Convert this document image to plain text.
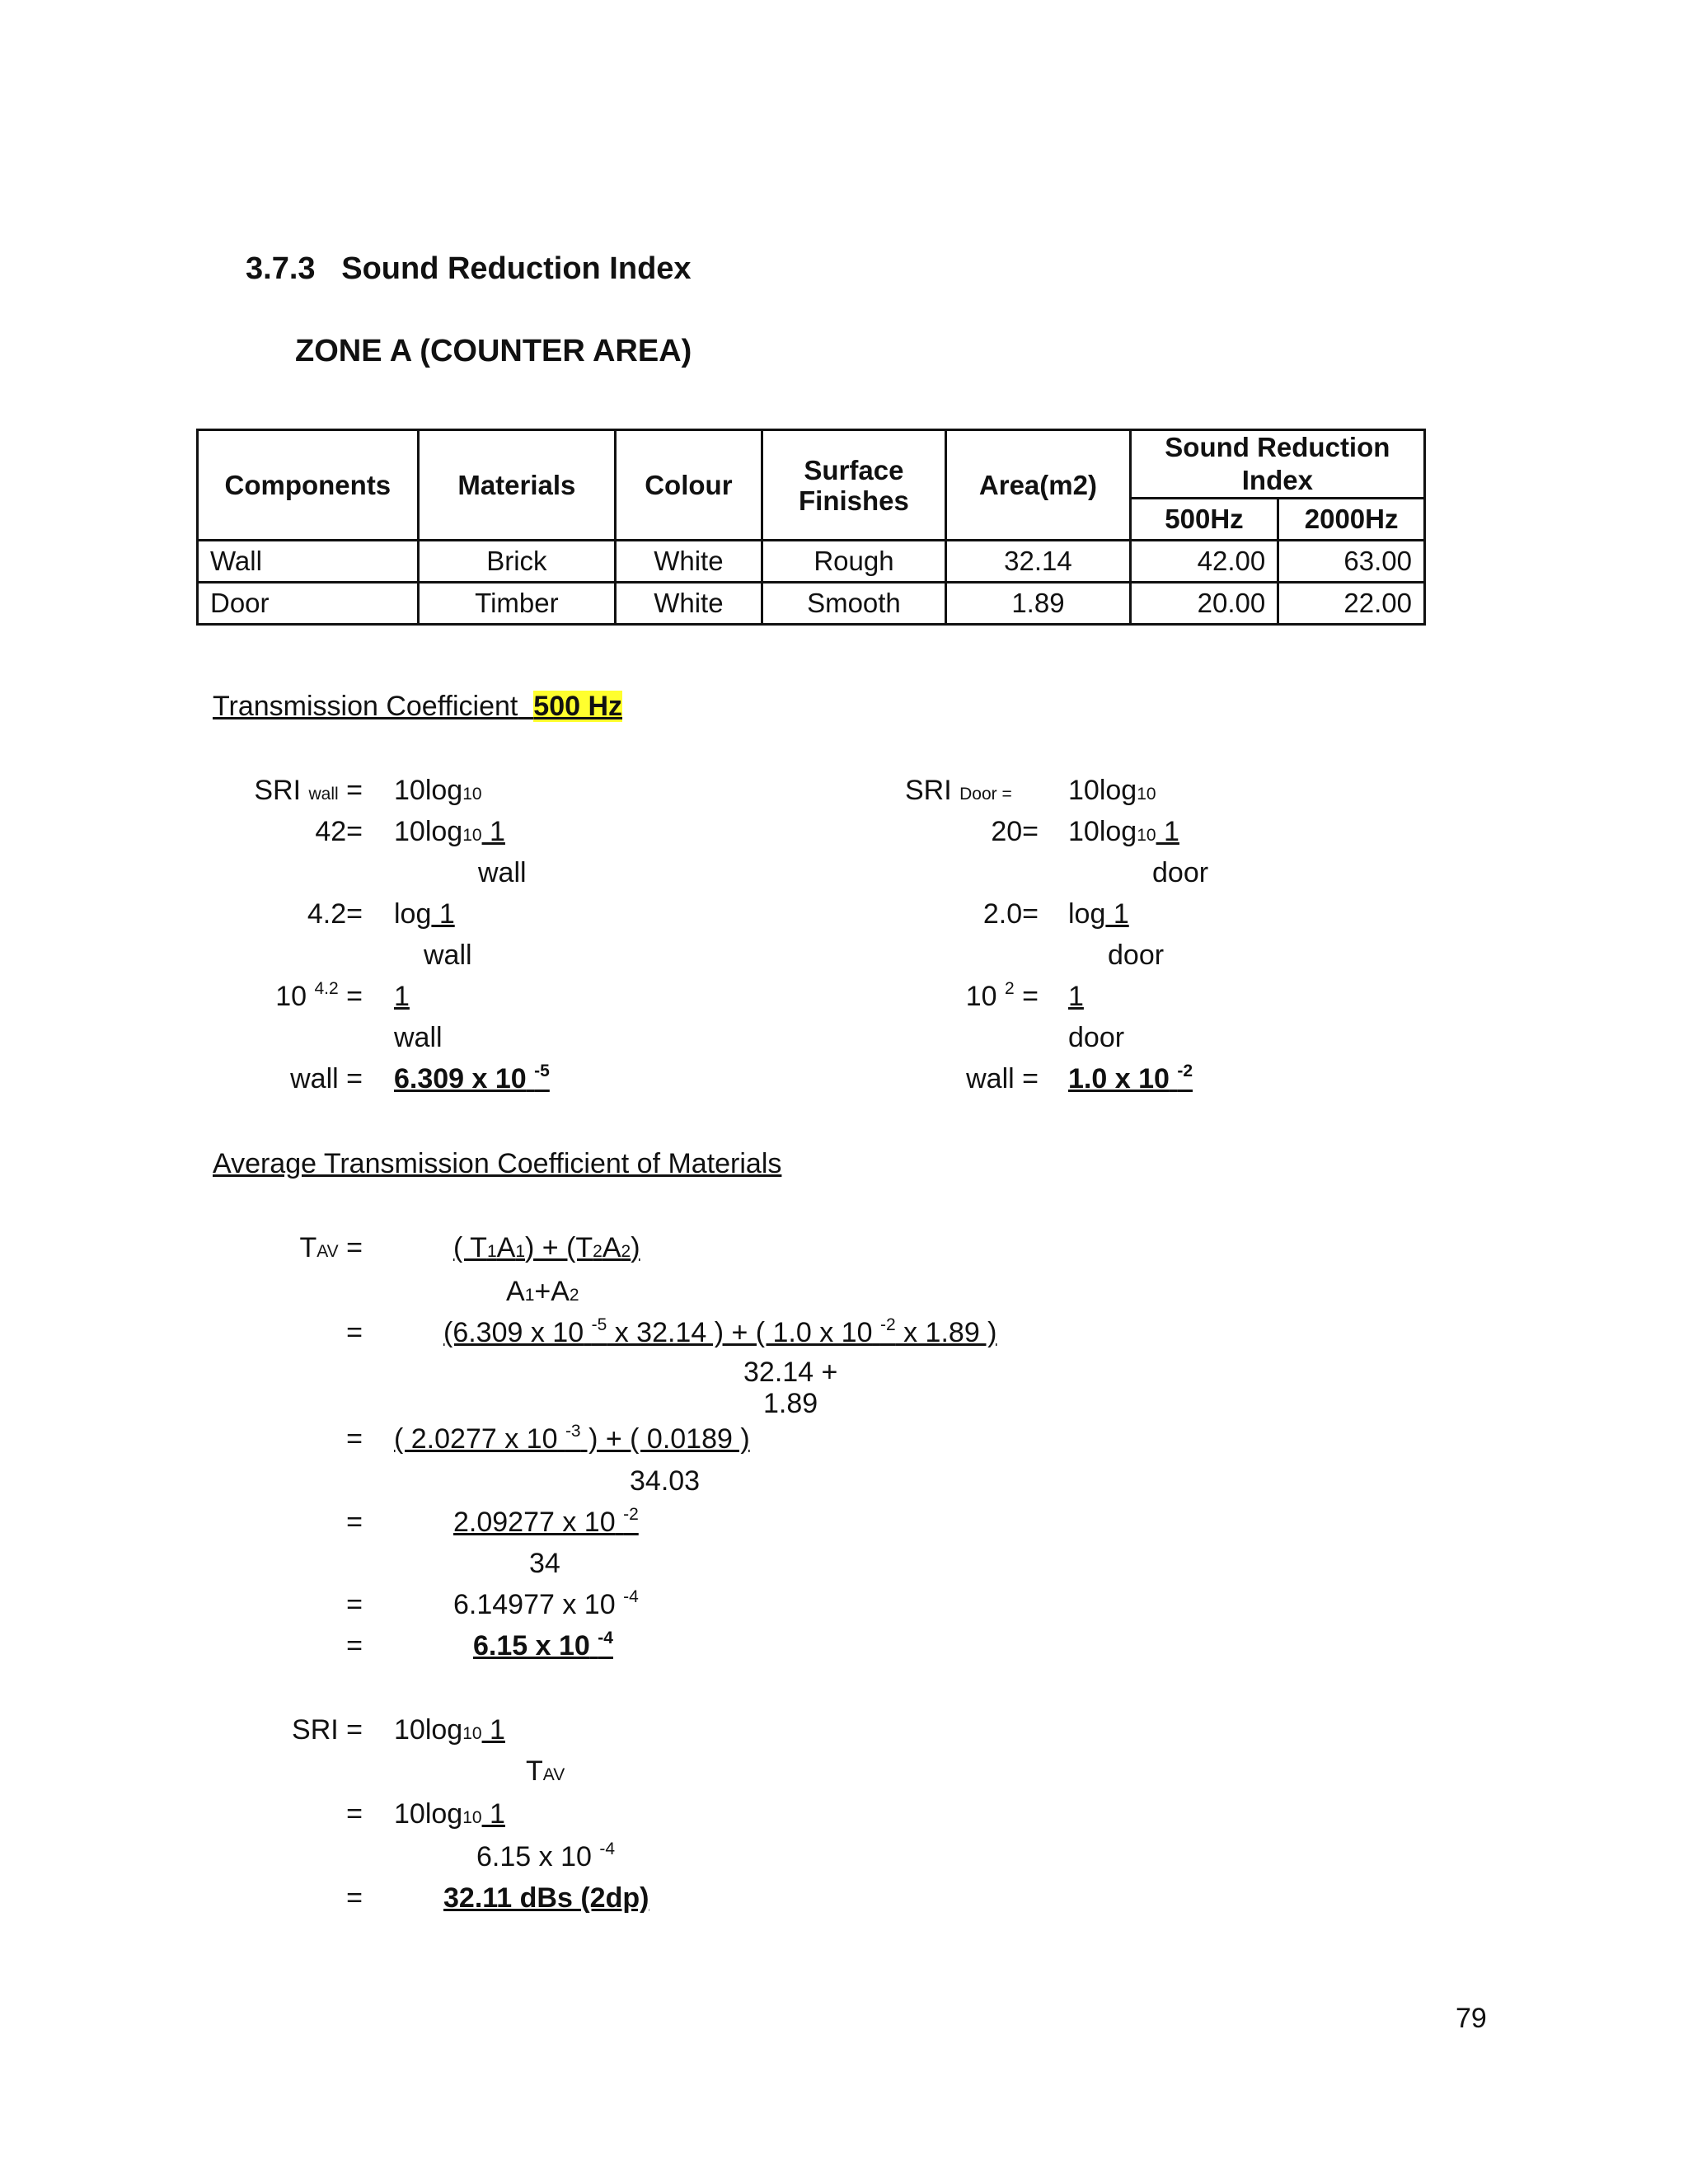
3.7.3 Sound Reduction Index
ZONE A (COUNTER AREA)
Components	Materials	Colour	Surface Finishes	Area(m2)	Sound Reduction Index	
					500Hz	2000Hz
Wall	Brick	White	Rough	32.14	42.00	63.00
Door	Timber	White	Smooth	1.89	20.00	22.00
Transmission Coefficient 500 Hz
SRI wall = 10log10
42= 10log10 1
wall
4.2= log 1
wall
10 $^{4.2}$ = 1
wall
wall = 6.309 x 10 $^{-5}$
SRI Door = 10log10
20= 10log10 1
door
2.0= log 1
door
10 $^2$ = 1
door
wall = 1.0 x 10 $^{-2}$
Average Transmission Coefficient of Materials
TAV =	( T1A1) + (T2A2)
A1+A2
=	(6.309 x 10 $^{-5}$ x 32.14 ) + ( 1.0 x 10 $^{-2}$ x 1.89 )
32.14 +
1.89
= ( 2.0277 x 10 $^{-3}$ ) + ( 0.0189 )
34.03
=	2.09277 x 10 $^{-2}$
34
=	6.14977 x 10 $^{-4}$
=	6.15 x 10 $^{-4}$
SRI = 10log10 1
TAV
= 10log10 1
6.15 x 10 $^{-4}$
=	32.11 dBs (2dp)
79
